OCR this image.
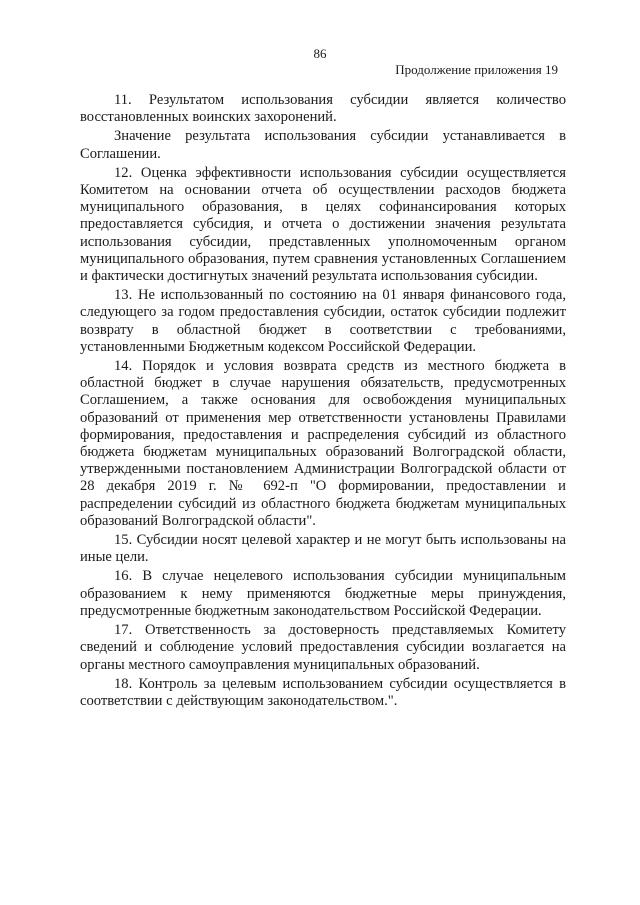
86
Продолжение приложения 19

11. Результатом использования субсидии является количество восстановленных воинских захоронений.

Значение результата использования субсидии устанавливается в Соглашении.

12. Оценка эффективности использования субсидии осуществляется Комитетом на основании отчета об осуществлении расходов бюджета муниципального образования, в целях софинансирования которых предоставляется субсидия, и отчета о достижении значения результата использования субсидии, представленных уполномоченным органом муниципального образования, путем сравнения установленных Соглашением и фактически достигнутых значений результата использования субсидии.

13. Не использованный по состоянию на 01 января финансового года, следующего за годом предоставления субсидии, остаток субсидии подлежит возврату в областной бюджет в соответствии с требованиями, установленными Бюджетным кодексом Российской Федерации.

14. Порядок и условия возврата средств из местного бюджета в областной бюджет в случае нарушения обязательств, предусмотренных Соглашением, а также основания для освобождения муниципальных образований от применения мер ответственности установлены Правилами формирования, предоставления и распределения субсидий из областного бюджета бюджетам муниципальных образований Волгоградской области, утвержденными постановлением Администрации Волгоградской области от 28 декабря 2019 г. № 692-п "О формировании, предоставлении и распределении субсидий из областного бюджета бюджетам муниципальных образований Волгоградской области".

15. Субсидии носят целевой характер и не могут быть использованы на иные цели.

16. В случае нецелевого использования субсидии муниципальным образованием к нему применяются бюджетные меры принуждения, предусмотренные бюджетным законодательством Российской Федерации.

17. Ответственность за достоверность представляемых Комитету сведений и соблюдение условий предоставления субсидии возлагается на органы местного самоуправления муниципальных образований.

18. Контроль за целевым использованием субсидии осуществляется в соответствии с действующим законодательством.".
